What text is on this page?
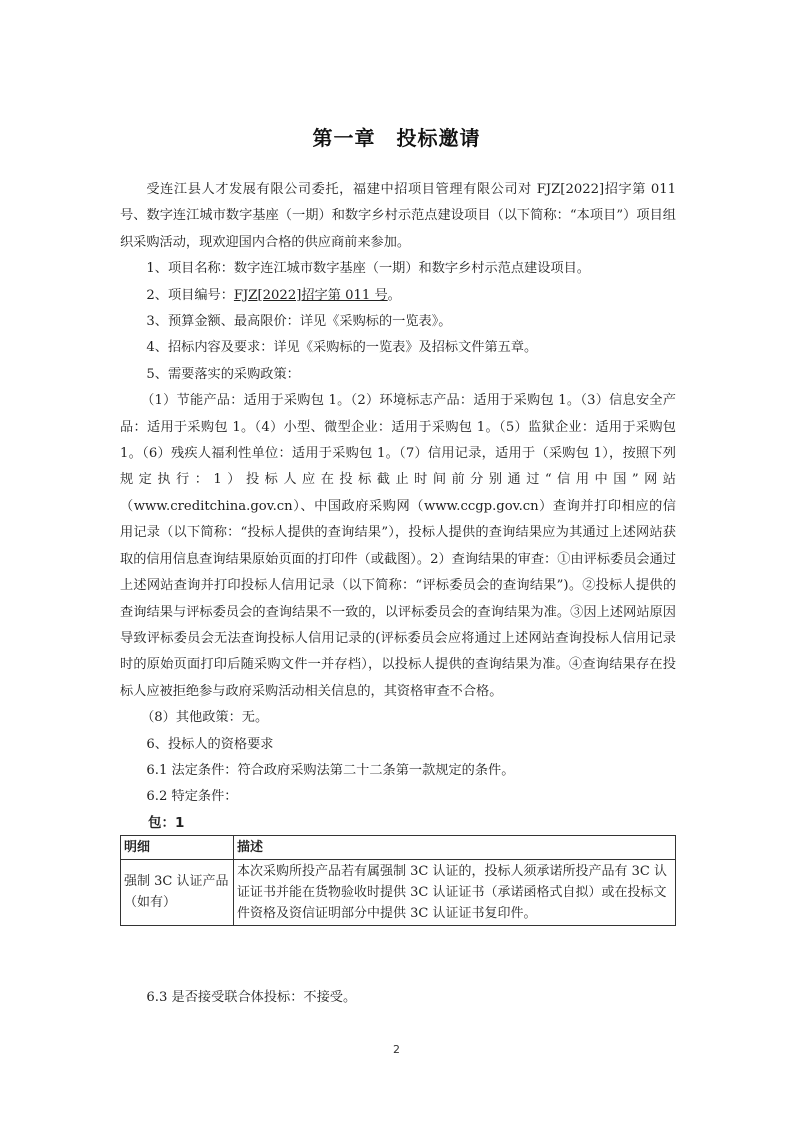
第一章　投标邀请

受连江县人才发展有限公司委托，福建中招项目管理有限公司对 FJZ[2022]招字第 011 号、数字连江城市数字基座（一期）和数字乡村示范点建设项目（以下简称：“本项目”）项目组织采购活动，现欢迎国内合格的供应商前来参加。

1、项目名称：数字连江城市数字基座（一期）和数字乡村示范点建设项目。

2、项目编号：FJZ[2022]招字第 011 号。

3、预算金额、最高限价：详见《采购标的一览表》。

4、招标内容及要求：详见《采购标的一览表》及招标文件第五章。

5、需要落实的采购政策：

（1）节能产品：适用于采购包 1。（2）环境标志产品：适用于采购包 1。（3）信息安全产品：适用于采购包 1。（4）小型、微型企业：适用于采购包 1。（5）监狱企业：适用于采购包 1。（6）残疾人福利性单位：适用于采购包 1。（7）信用记录，适用于（采购包 1），按照下列规定执行：1）投标人应在投标截止时间前分别通过“信用中国”网站（www.creditchina.gov.cn）、中国政府采购网（www.ccgp.gov.cn）查询并打印相应的信用记录（以下简称：“投标人提供的查询结果”），投标人提供的查询结果应为其通过上述网站获取的信用信息查询结果原始页面的打印件（或截图）。2）查询结果的审查：①由评标委员会通过上述网站查询并打印投标人信用记录（以下简称：“评标委员会的查询结果”)。②投标人提供的查询结果与评标委员会的查询结果不一致的，以评标委员会的查询结果为准。③因上述网站原因导致评标委员会无法查询投标人信用记录的(评标委员会应将通过上述网站查询投标人信用记录时的原始页面打印后随采购文件一并存档），以投标人提供的查询结果为准。④查询结果存在投标人应被拒绝参与政府采购活动相关信息的，其资格审查不合格。

（8）其他政策：无。

6、投标人的资格要求

6.1 法定条件：符合政府采购法第二十二条第一款规定的条件。

6.2 特定条件：

包：1

明细	描述
强制 3C 认证产品（如有）	本次采购所投产品若有属强制 3C 认证的，投标人须承诺所投产品有 3C 认证证书并能在货物验收时提供 3C 认证证书（承诺函格式自拟）或在投标文件资格及资信证明部分中提供 3C 认证证书复印件。

6.3 是否接受联合体投标：不接受。

2
